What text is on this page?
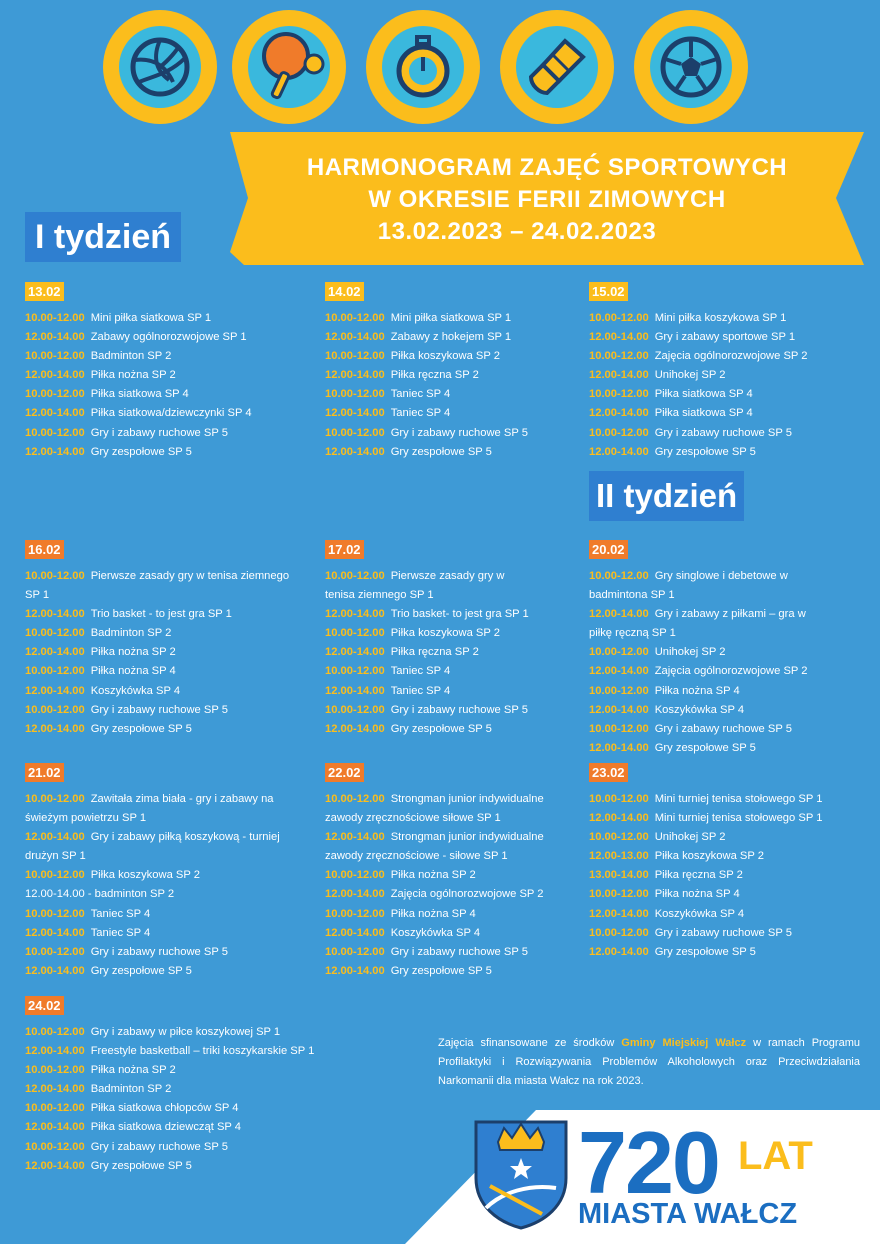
HARMONOGRAM ZAJĘĆ SPORTOWYCH
W OKRESIE FERII ZIMOWYCH
13.02.2023 – 24.02.2023
I tydzień
II tydzień
13.02
10.00-12.00 Mini piłka siatkowa SP 1
12.00-14.00 Zabawy ogólnorozwojowe SP 1
10.00-12.00 Badminton SP 2
12.00-14.00 Piłka nożna SP 2
10.00-12.00 Piłka siatkowa SP 4
12.00-14.00 Piłka siatkowa/dziewczynki SP 4
10.00-12.00 Gry i zabawy ruchowe SP 5
12.00-14.00 Gry zespołowe SP 5
14.02
10.00-12.00 Mini piłka siatkowa SP 1
12.00-14.00 Zabawy z hokejem SP 1
10.00-12.00 Piłka koszykowa SP 2
12.00-14.00 Piłka ręczna SP 2
10.00-12.00 Taniec SP 4
12.00-14.00 Taniec SP 4
10.00-12.00 Gry i zabawy ruchowe SP 5
12.00-14.00 Gry zespołowe SP 5
15.02
10.00-12.00 Mini piłka koszykowa SP 1
12.00-14.00 Gry i zabawy sportowe SP 1
10.00-12.00 Zajęcia ogólnorozwojowe SP 2
12.00-14.00 Unihokej SP 2
10.00-12.00 Piłka siatkowa SP 4
12.00-14.00 Piłka siatkowa SP 4
10.00-12.00 Gry i zabawy ruchowe SP 5
12.00-14.00 Gry zespołowe SP 5
16.02
10.00-12.00 Pierwsze zasady gry w tenisa ziemnego SP 1
12.00-14.00 Trio basket - to jest gra SP 1
10.00-12.00 Badminton SP 2
12.00-14.00 Piłka nożna SP 2
10.00-12.00 Piłka nożna SP 4
12.00-14.00 Koszykówka SP 4
10.00-12.00 Gry i zabawy ruchowe SP 5
12.00-14.00 Gry zespołowe SP 5
17.02
10.00-12.00 Pierwsze zasady gry w tenisa ziemnego SP 1
12.00-14.00 Trio basket- to jest gra SP 1
10.00-12.00 Piłka koszykowa SP 2
12.00-14.00 Piłka ręczna SP 2
10.00-12.00 Taniec SP 4
12.00-14.00 Taniec SP 4
10.00-12.00 Gry i zabawy ruchowe SP 5
12.00-14.00 Gry zespołowe SP 5
20.02
10.00-12.00 Gry singlowe i debetowe w badmintona SP 1
12.00-14.00 Gry i zabawy z piłkami – gra w piłkę ręczną SP 1
10.00-12.00 Unihokej SP 2
12.00-14.00 Zajęcia ogólnorozwojowe SP 2
10.00-12.00 Piłka nożna SP 4
12.00-14.00 Koszykówka SP 4
10.00-12.00 Gry i zabawy ruchowe SP 5
12.00-14.00 Gry zespołowe SP 5
21.02
10.00-12.00 Zawitała zima biała - gry i zabawy na świeżym powietrzu SP 1
12.00-14.00 Gry i zabawy piłką koszykową - turniej drużyn SP 1
10.00-12.00 Piłka koszykowa SP 2
12.00-14.00 - badminton SP 2
10.00-12.00 Taniec SP 4
12.00-14.00 Taniec SP 4
10.00-12.00 Gry i zabawy ruchowe SP 5
12.00-14.00 Gry zespołowe SP 5
22.02
10.00-12.00 Strongman junior indywidualne zawody zręcznościowe siłowe SP 1
12.00-14.00 Strongman junior indywidualne zawody zręcznościowe - siłowe SP 1
10.00-12.00 Piłka nożna SP 2
12.00-14.00 Zajęcia ogólnorozwojowe SP 2
10.00-12.00 Piłka nożna SP 4
12.00-14.00 Koszykówka SP 4
10.00-12.00 Gry i zabawy ruchowe SP 5
12.00-14.00 Gry zespołowe SP 5
23.02
10.00-12.00 Mini turniej tenisa stołowego SP 1
12.00-14.00 Mini turniej tenisa stołowego SP 1
10.00-12.00 Unihokej SP 2
12.00-13.00 Piłka koszykowa SP 2
13.00-14.00 Piłka ręczna SP 2
10.00-12.00 Piłka nożna SP 4
12.00-14.00 Koszykówka SP 4
10.00-12.00 Gry i zabawy ruchowe SP 5
12.00-14.00 Gry zespołowe SP 5
24.02
10.00-12.00 Gry i zabawy w piłce koszykowej SP 1
12.00-14.00 Freestyle basketball – triki koszykarskie SP 1
10.00-12.00 Piłka nożna SP 2
12.00-14.00 Badminton SP 2
10.00-12.00 Piłka siatkowa chłopców SP 4
12.00-14.00 Piłka siatkowa dziewcząt SP 4
10.00-12.00 Gry i zabawy ruchowe SP 5
12.00-14.00 Gry zespołowe SP 5
Zajęcia sfinansowane ze środków Gminy Miejskiej Wałcz w ramach Programu Profilaktyki i Rozwiązywania Problemów Alkoholowych oraz Przeciwdziałania Narkomanii dla miasta Wałcz na rok 2023.
720 LAT
MIASTA WAŁCZ
